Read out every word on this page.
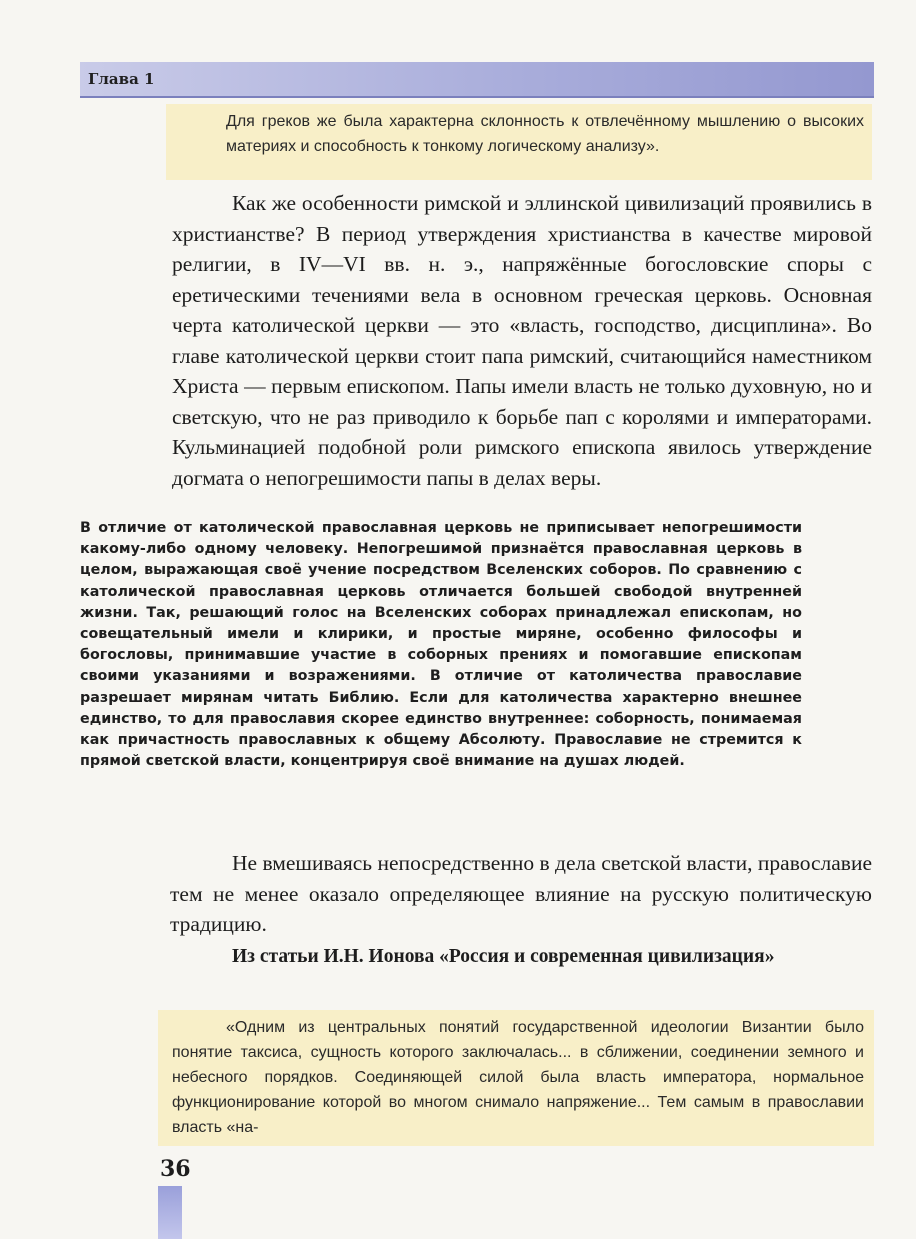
Глава 1

Для греков же была характерна склонность к отвлечённому мышлению о высоких материях и способность к тонкому логическому анализу».

Как же особенности римской и эллинской цивилизаций проявились в христианстве? В период утверждения христианства в качестве мировой религии, в IV—VI вв. н. э., напряжённые богословские споры с еретическими течениями вела в основном греческая церковь. Основная черта католической церкви — это «власть, господство, дисциплина». Во главе католической церкви стоит папа римский, считающийся наместником Христа — первым епископом. Папы имели власть не только духовную, но и светскую, что не раз приводило к борьбе пап с королями и императорами. Кульминацией подобной роли римского епископа явилось утверждение догмата о непогрешимости папы в делах веры.

В отличие от католической православная церковь не приписывает непогрешимости какому-либо одному человеку. Непогрешимой признаётся православная церковь в целом, выражающая своё учение посредством Вселенских соборов. По сравнению с католической православная церковь отличается большей свободой внутренней жизни. Так, решающий голос на Вселенских соборах принадлежал епископам, но совещательный имели и клирики, и простые миряне, особенно философы и богословы, принимавшие участие в соборных прениях и помогавшие епископам своими указаниями и возражениями. В отличие от католичества православие разрешает мирянам читать Библию. Если для католичества характерно внешнее единство, то для православия скорее единство внутреннее: соборность, понимаемая как причастность православных к общему Абсолюту. Православие не стремится к прямой светской власти, концентрируя своё внимание на душах людей.

Не вмешиваясь непосредственно в дела светской власти, православие тем не менее оказало определяющее влияние на русскую политическую традицию.

Из статьи И.Н. Ионова «Россия и современная цивилизация»

«Одним из центральных понятий государственной идеологии Византии было понятие таксиса, сущность которого заключалась... в сближении, соединении земного и небесного порядков. Соединяющей силой была власть императора, нормальное функционирование которой во многом снимало напряжение... Тем самым в православии власть «на-

36
